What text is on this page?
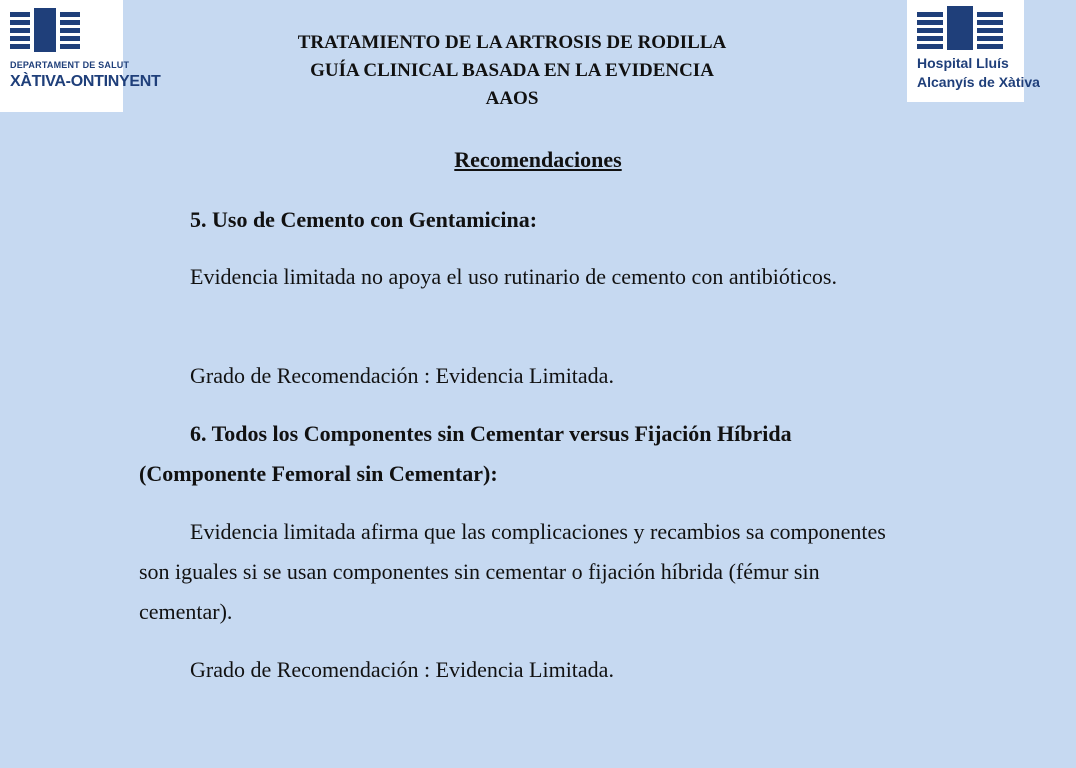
DEPARTAMENT DE SALUT
XÀTIVA-ONTINYENT
Hospital Lluís
Alcanyís de Xàtiva
TRATAMIENTO DE LA ARTROSIS DE RODILLA
GUÍA CLINICAL BASADA EN LA EVIDENCIA
AAOS
Recomendaciones

5. Uso de Cemento con Gentamicina:

Evidencia limitada no apoya el uso rutinario de cemento con antibióticos.

Grado de Recomendación : Evidencia Limitada.

6. Todos los Componentes sin Cementar versus Fijación Híbrida (Componente Femoral sin Cementar):

Evidencia limitada afirma que las complicaciones y recambios sa componentes son iguales si se usan componentes sin cementar o fijación híbrida (fémur sin cementar).

Grado de Recomendación : Evidencia Limitada.
